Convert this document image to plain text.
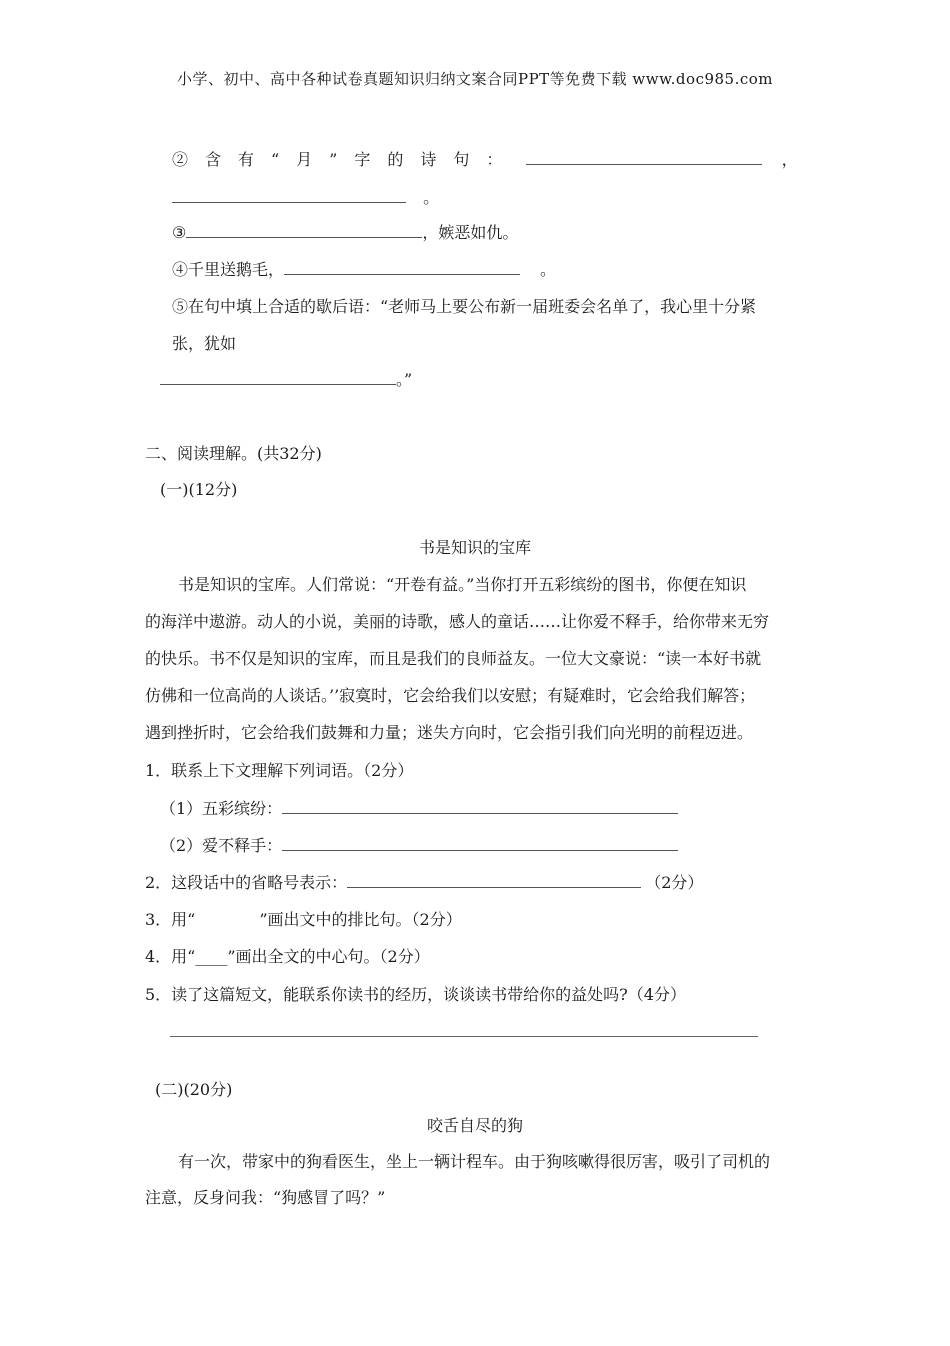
小学、初中、高中各种试卷真题知识归纳文案合同PPT等免费下载 www.doc985.com
②含有“月”字的诗句：	，
。
③	，嫉恶如仇。
④千里送鹅毛，	。
⑤在句中填上合适的歇后语：“老师马上要公布新一届班委会名单了，我心里十分紧
张，犹如
。”
二、阅读理解。(共32分)
(一)(12分)
书是知识的宝库
书是知识的宝库。人们常说：“开卷有益。”当你打开五彩缤纷的图书，你便在知识
的海洋中遨游。动人的小说，美丽的诗歌，感人的童话……让你爱不释手，给你带来无穷
的快乐。书不仅是知识的宝库，而且是我们的良师益友。一位大文豪说：“读一本好书就
仿佛和一位高尚的人谈话。’’寂寞时，它会给我们以安慰；有疑难时，它会给我们解答；
遇到挫折时，它会给我们鼓舞和力量；迷失方向时，它会指引我们向光明的前程迈进。
1．联系上下文理解下列词语。（2分）
（1）五彩缤纷：
（2）爱不释手：
2．这段话中的省略号表示：	（2分）
3．用“　　　　”画出文中的排比句。（2分）
4．用“____”画出全文的中心句。（2分）
5．读了这篇短文，能联系你读书的经历，谈谈读书带给你的益处吗?（4分）
(二)(20分)
咬舌自尽的狗
有一次，带家中的狗看医生，坐上一辆计程车。由于狗咳嗽得很厉害，吸引了司机的
注意，反身问我：“狗感冒了吗？”
